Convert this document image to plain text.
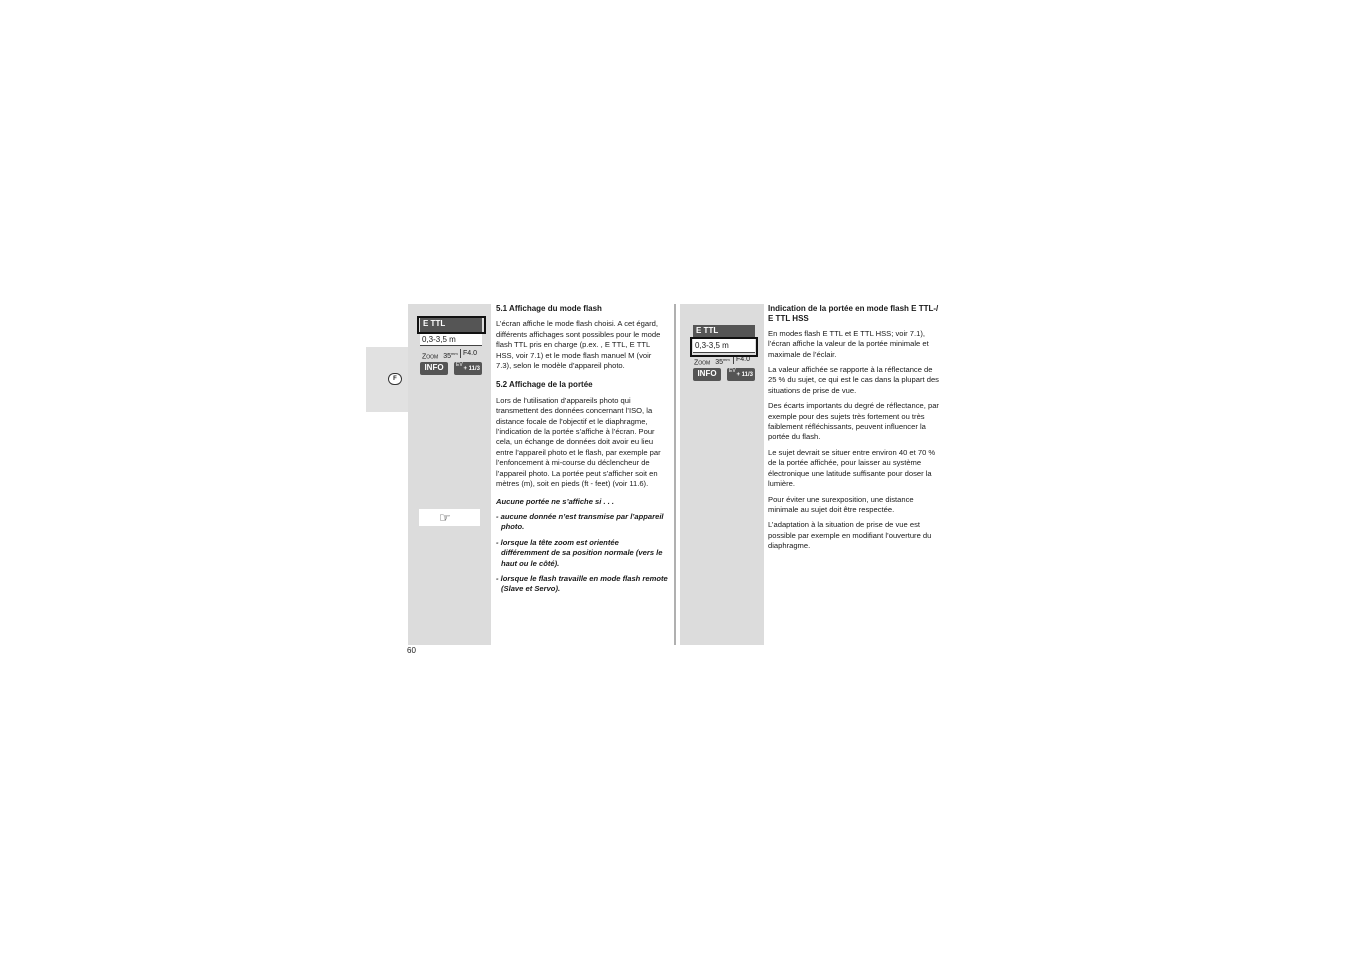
F
E TTL
0,3-3,5 m
Zoom $35^{mm}$ F4.0
INFO	EV
+ 11/3
☞

5.1 Affichage du mode flash

L’écran affiche le mode flash choisi. A cet égard, différents affichages sont possibles pour le mode flash TTL pris en charge (p.ex. , E TTL, E TTL HSS, voir 7.1) et le mode flash manuel M (voir 7.3), selon le modèle d’appareil photo.

5.2 Affichage de la portée

Lors de l’utilisation d’appareils photo qui transmettent des données concernant l’ISO, la distance focale de l’objectif et le diaphragme, l’indication de la portée s’affiche à l’écran. Pour cela, un échange de données doit avoir eu lieu entre l’appareil photo et le flash, par exemple par l’enfoncement à mi-course du déclencheur de l’appareil photo. La portée peut s’afficher soit en mètres (m), soit en pieds (ft - feet) (voir 11.6).

Aucune portée ne s’affiche si . . .

- aucune donnée n’est transmise par l’appareil photo.

- lorsque la tête zoom est orientée différemment de sa position normale (vers le haut ou le côté).

- lorsque le flash travaille en mode flash remote (Slave et Servo).

E TTL
0,3-3,5 m
Zoom $35^{mm}$ F4.0
INFO	EV
+ 11/3

Indication de la portée en mode flash E TTL-/ E TTL HSS

En modes flash E TTL et E TTL HSS; voir 7.1), l’écran affiche la valeur de la portée minimale et maximale de l’éclair.

La valeur affichée se rapporte à la réflectance de 25 % du sujet, ce qui est le cas dans la plupart des situations de prise de vue.

Des écarts importants du degré de réflectance, par exemple pour des sujets très fortement ou très faiblement réfléchissants, peuvent influencer la portée du flash.

Le sujet devrait se situer entre environ 40 et 70 % de la portée affichée, pour laisser au système électronique une latitude suffisante pour doser la lumière.

Pour éviter une surexposition, une distance minimale au sujet doit être respectée.

L’adaptation à la situation de prise de vue est possible par exemple en modifiant l’ouverture du diaphragme.

60
